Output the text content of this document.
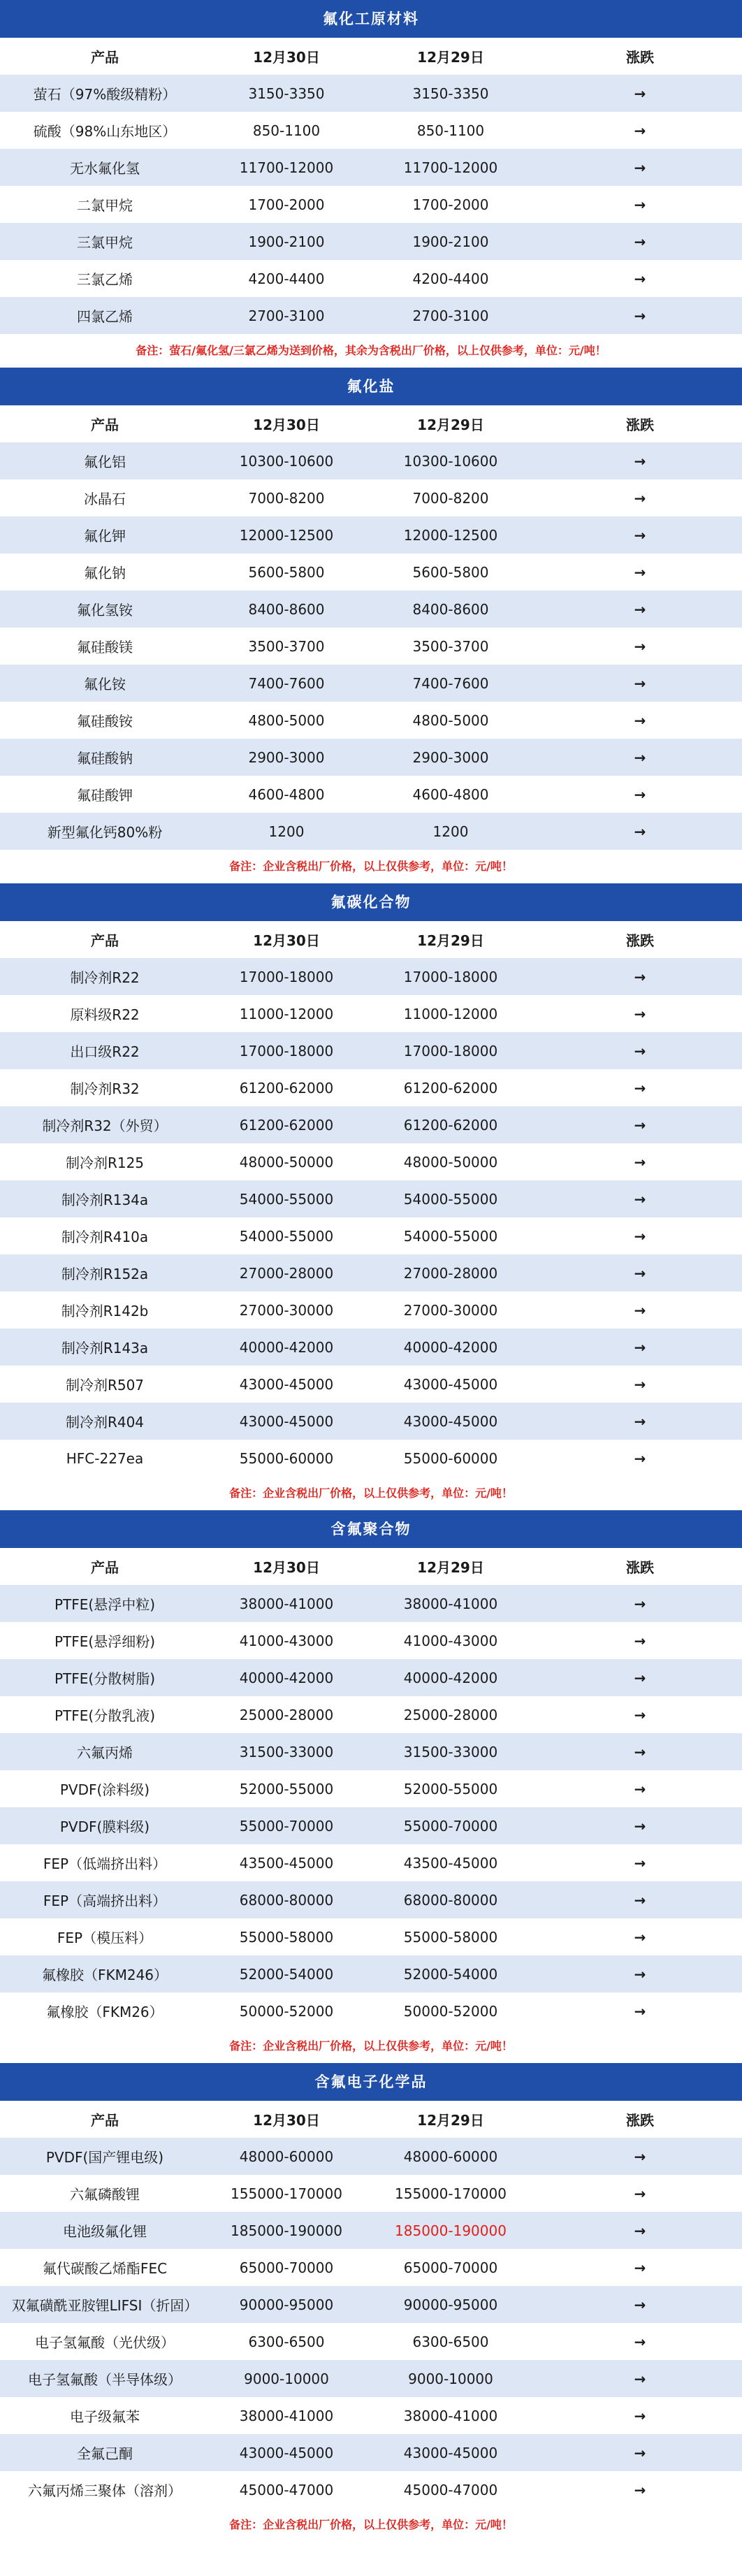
氟化工原材料
产品	12月30日	12月29日	涨跌
萤石（97%酸级精粉）	3150-3350	3150-3350	→
硫酸（98%山东地区）	850-1100	850-1100	→
无水氟化氢	11700-12000	11700-12000	→
二氯甲烷	1700-2000	1700-2000	→
三氯甲烷	1900-2100	1900-2100	→
三氯乙烯	4200-4400	4200-4400	→
四氯乙烯	2700-3100	2700-3100	→
备注：萤石/氟化氢/三氯乙烯为送到价格，其余为含税出厂价格，以上仅供参考，单位：元/吨！
氟化盐
产品	12月30日	12月29日	涨跌
氟化铝	10300-10600	10300-10600	→
冰晶石	7000-8200	7000-8200	→
氟化钾	12000-12500	12000-12500	→
氟化钠	5600-5800	5600-5800	→
氟化氢铵	8400-8600	8400-8600	→
氟硅酸镁	3500-3700	3500-3700	→
氟化铵	7400-7600	7400-7600	→
氟硅酸铵	4800-5000	4800-5000	→
氟硅酸钠	2900-3000	2900-3000	→
氟硅酸钾	4600-4800	4600-4800	→
新型氟化钙80%粉	1200	1200	→
备注：企业含税出厂价格，以上仅供参考，单位：元/吨！
氟碳化合物
产品	12月30日	12月29日	涨跌
制冷剂R22	17000-18000	17000-18000	→
原料级R22	11000-12000	11000-12000	→
出口级R22	17000-18000	17000-18000	→
制冷剂R32	61200-62000	61200-62000	→
制冷剂R32（外贸）	61200-62000	61200-62000	→
制冷剂R125	48000-50000	48000-50000	→
制冷剂R134a	54000-55000	54000-55000	→
制冷剂R410a	54000-55000	54000-55000	→
制冷剂R152a	27000-28000	27000-28000	→
制冷剂R142b	27000-30000	27000-30000	→
制冷剂R143a	40000-42000	40000-42000	→
制冷剂R507	43000-45000	43000-45000	→
制冷剂R404	43000-45000	43000-45000	→
HFC-227ea	55000-60000	55000-60000	→
备注：企业含税出厂价格，以上仅供参考，单位：元/吨！
含氟聚合物
产品	12月30日	12月29日	涨跌
PTFE(悬浮中粒)	38000-41000	38000-41000	→
PTFE(悬浮细粉)	41000-43000	41000-43000	→
PTFE(分散树脂)	40000-42000	40000-42000	→
PTFE(分散乳液)	25000-28000	25000-28000	→
六氟丙烯	31500-33000	31500-33000	→
PVDF(涂料级)	52000-55000	52000-55000	→
PVDF(膜料级)	55000-70000	55000-70000	→
FEP（低端挤出料）	43500-45000	43500-45000	→
FEP（高端挤出料）	68000-80000	68000-80000	→
FEP（模压料）	55000-58000	55000-58000	→
氟橡胶（FKM246）	52000-54000	52000-54000	→
氟橡胶（FKM26）	50000-52000	50000-52000	→
备注：企业含税出厂价格，以上仅供参考，单位：元/吨！
含氟电子化学品
产品	12月30日	12月29日	涨跌
PVDF(国产锂电级)	48000-60000	48000-60000	→
六氟磷酸锂	155000-170000	155000-170000	→
电池级氟化锂	185000-190000	185000-190000	→
氟代碳酸乙烯酯FEC	65000-70000	65000-70000	→
双氟磺酰亚胺锂LIFSI（折固）	90000-95000	90000-95000	→
电子氢氟酸（光伏级）	6300-6500	6300-6500	→
电子氢氟酸（半导体级）	9000-10000	9000-10000	→
电子级氟苯	38000-41000	38000-41000	→
全氟己酮	43000-45000	43000-45000	→
六氟丙烯三聚体（溶剂）	45000-47000	45000-47000	→
备注：企业含税出厂价格，以上仅供参考，单位：元/吨！
